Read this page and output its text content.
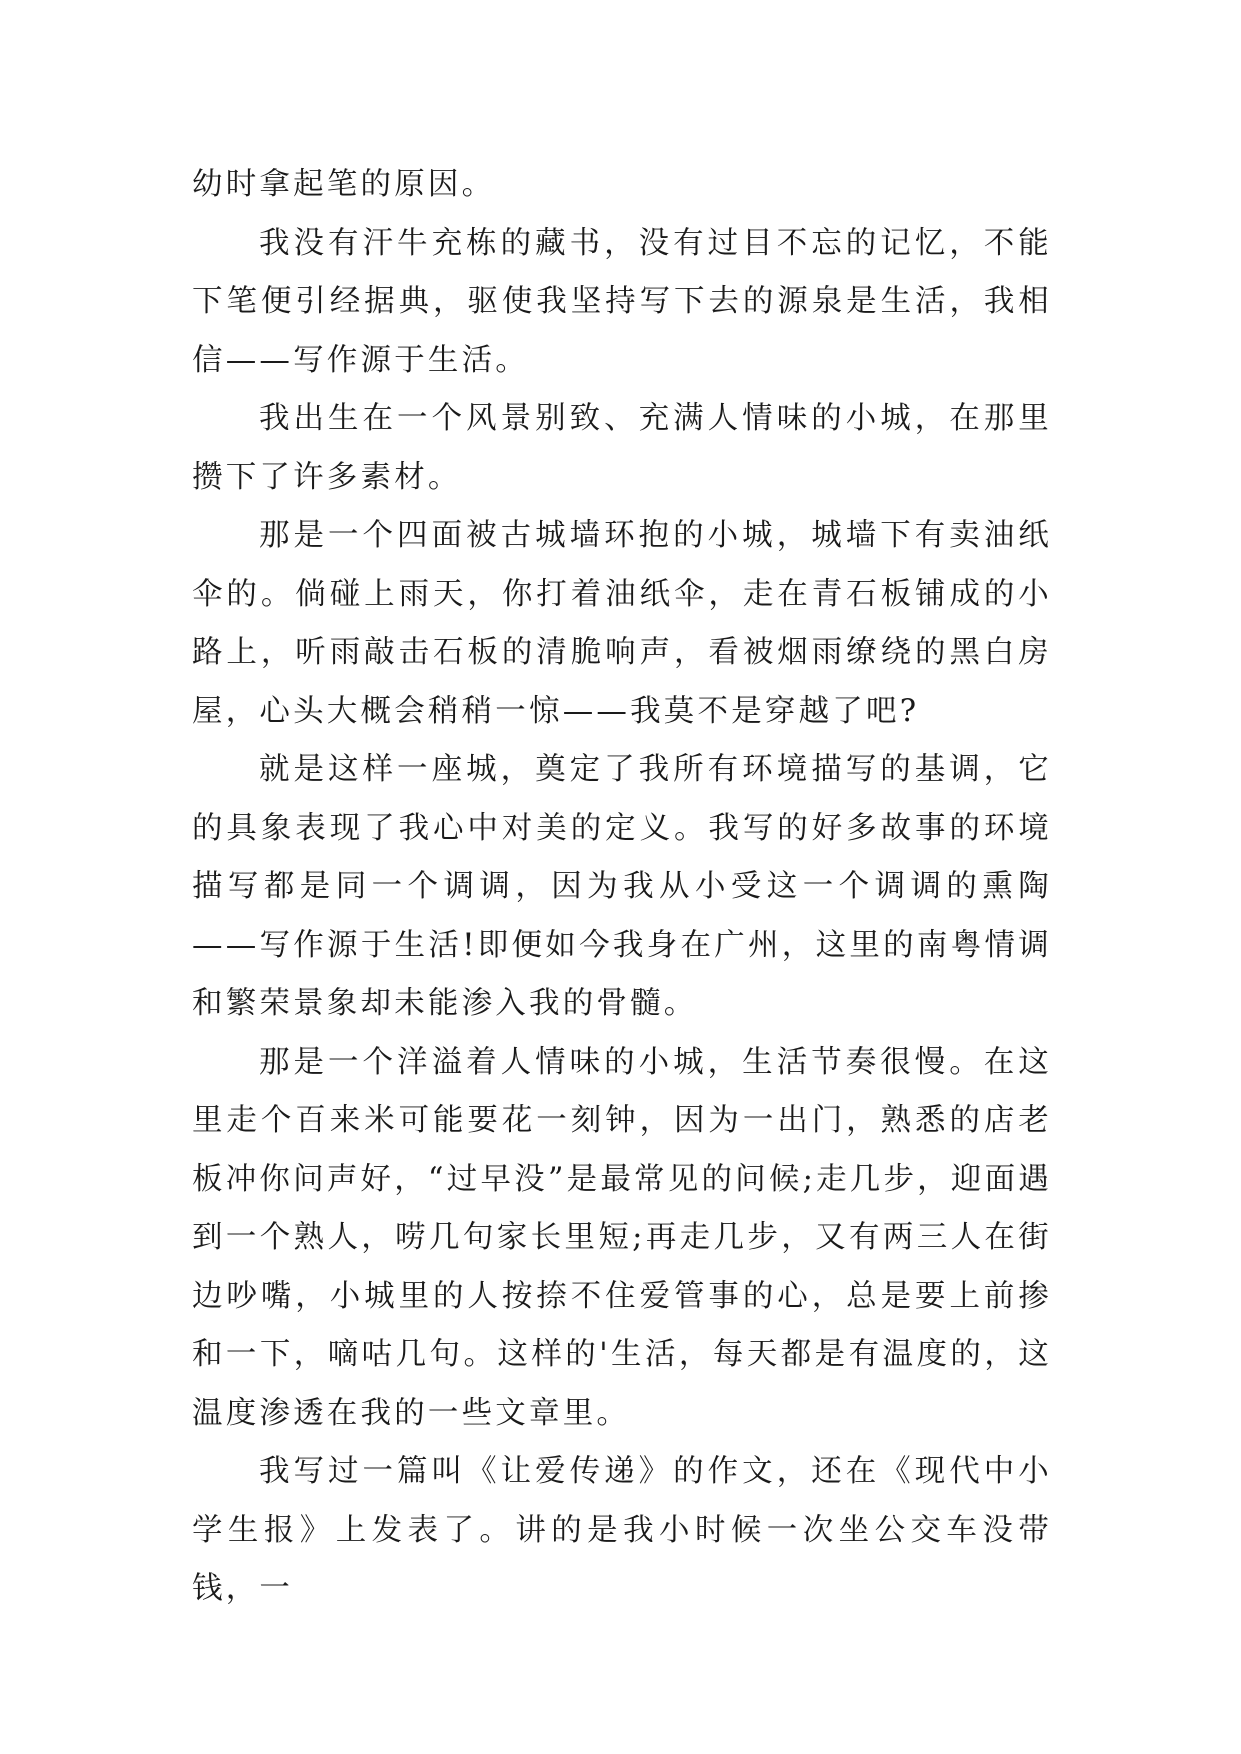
幼时拿起笔的原因。

我没有汗牛充栋的藏书，没有过目不忘的记忆，不能下笔便引经据典，驱使我坚持写下去的源泉是生活，我相信——写作源于生活。

我出生在一个风景别致、充满人情味的小城，在那里攒下了许多素材。

那是一个四面被古城墙环抱的小城，城墙下有卖油纸伞的。倘碰上雨天，你打着油纸伞，走在青石板铺成的小路上，听雨敲击石板的清脆响声，看被烟雨缭绕的黑白房屋，心头大概会稍稍一惊——我莫不是穿越了吧?

就是这样一座城，奠定了我所有环境描写的基调，它的具象表现了我心中对美的定义。我写的好多故事的环境描写都是同一个调调，因为我从小受这一个调调的熏陶——写作源于生活!即便如今我身在广州，这里的南粤情调和繁荣景象却未能渗入我的骨髓。

那是一个洋溢着人情味的小城，生活节奏很慢。在这里走个百来米可能要花一刻钟，因为一出门，熟悉的店老板冲你问声好，“过早没”是最常见的问候;走几步，迎面遇到一个熟人，唠几句家长里短;再走几步，又有两三人在街边吵嘴，小城里的人按捺不住爱管事的心，总是要上前掺和一下，嘀咕几句。这样的'生活，每天都是有温度的，这温度渗透在我的一些文章里。

我写过一篇叫《让爱传递》的作文，还在《现代中小学生报》上发表了。讲的是我小时候一次坐公交车没带钱，一
